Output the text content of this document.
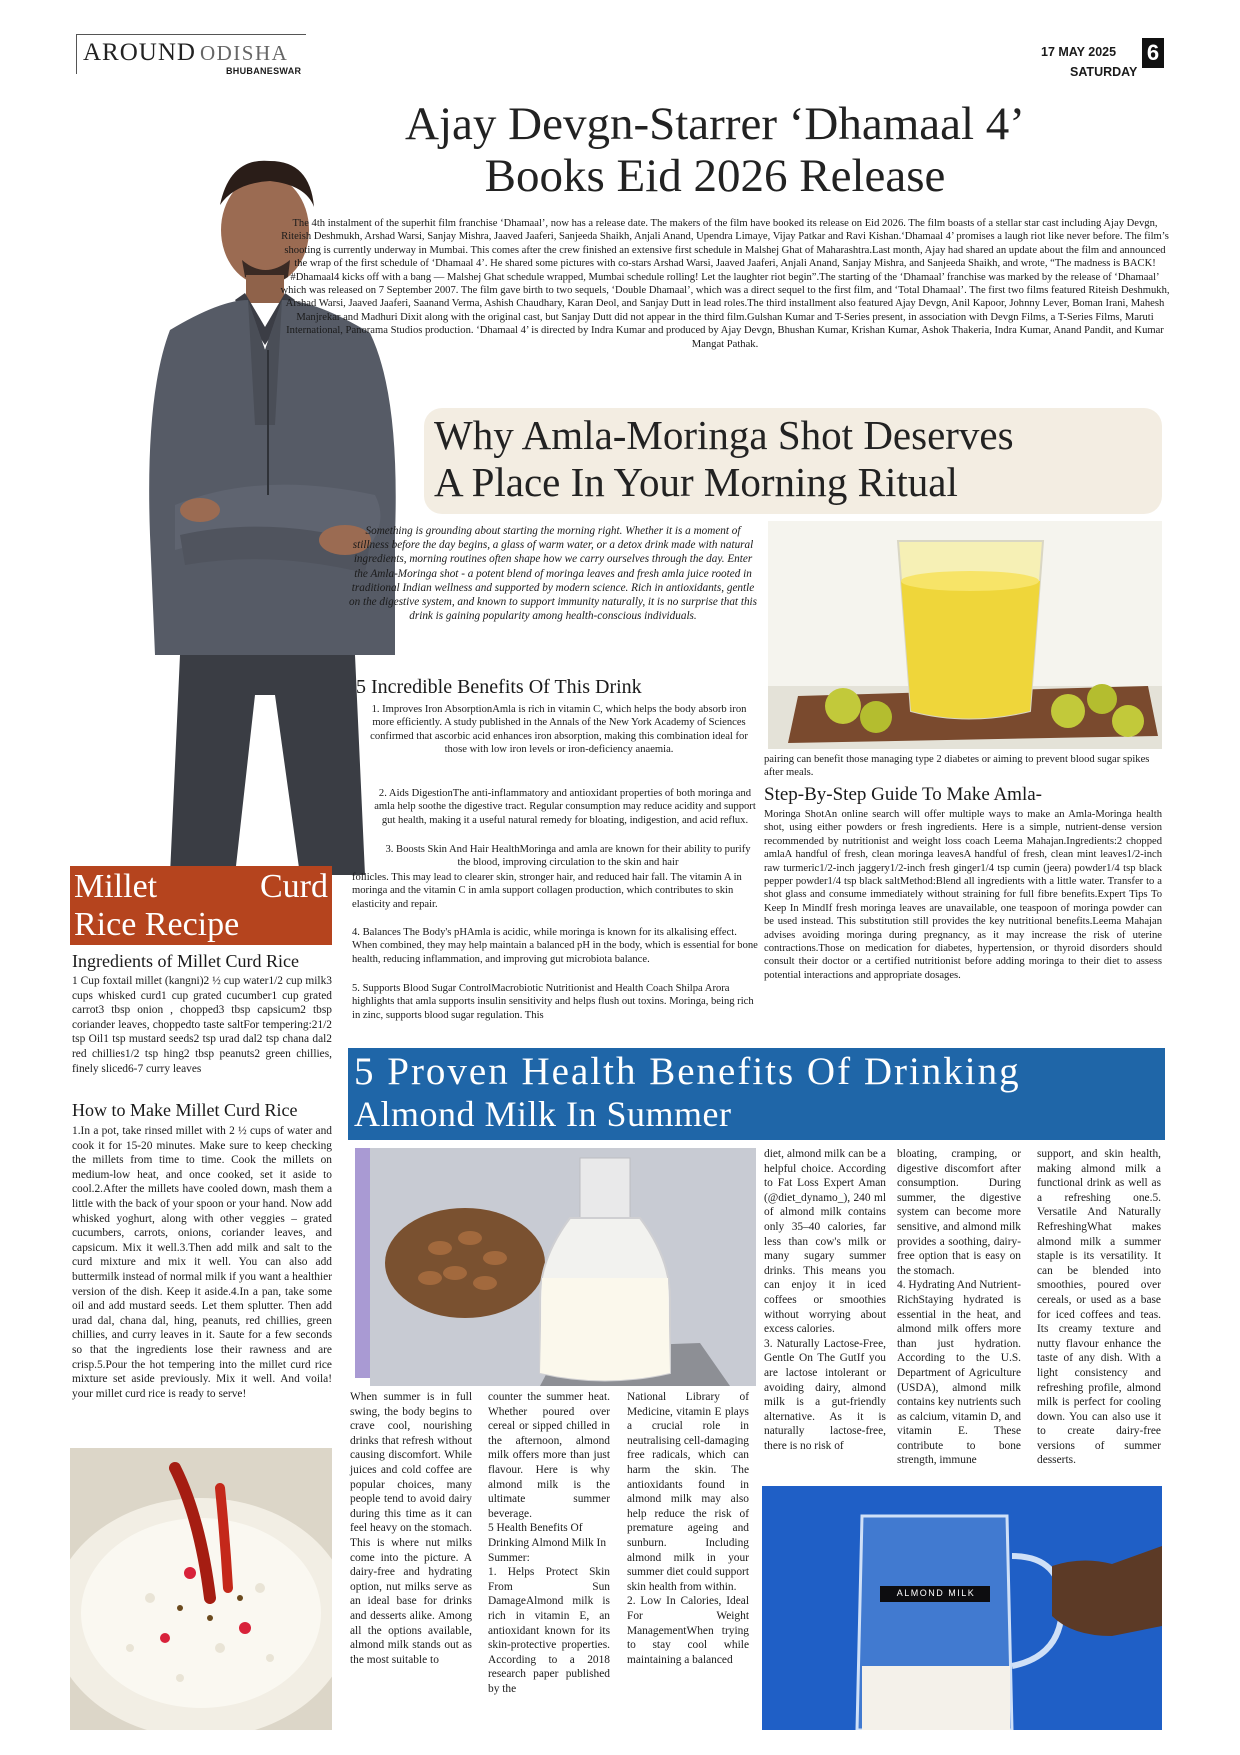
AROUND ODISHA
BHUBANESWAR
17 MAY 2025 6
SATURDAY
Ajay Devgn-Starrer ‘Dhamaal 4’
Books Eid 2026 Release
The 4th instalment of the superhit film franchise ‘Dhamaal’, now has a release date. The makers of the film have booked its release on Eid 2026. The film boasts of a stellar star cast including Ajay Devgn, Riteish Deshmukh, Arshad Warsi, Sanjay Mishra, Jaaved Jaaferi, Sanjeeda Shaikh, Anjali Anand, Upendra Limaye, Vijay Patkar and Ravi Kishan.‘Dhamaal 4’ promises a laugh riot like never before. The film’s shooting is currently underway in Mumbai. This comes after the crew finished an extensive first schedule in Malshej Ghat of Maharashtra.Last month, Ajay had shared an update about the film and announced the wrap of the first schedule of ‘Dhamaal 4’. He shared some pictures with co-stars Arshad Warsi, Jaaved Jaaferi, Anjali Anand, Sanjay Mishra, and Sanjeeda Shaikh, and wrote, “The madness is BACK! #Dhamaal4 kicks off with a bang — Malshej Ghat schedule wrapped, Mumbai schedule rolling! Let the laughter riot begin”.The starting of the ‘Dhamaal’ franchise was marked by the release of ‘Dhamaal’ which was released on 7 September 2007. The film gave birth to two sequels, ‘Double Dhamaal’, which was a direct sequel to the first film, and ‘Total Dhamaal’. The first two films featured Riteish Deshmukh, Arshad Warsi, Jaaved Jaaferi, Saanand Verma, Ashish Chaudhary, Karan Deol, and Sanjay Dutt in lead roles.The third installment also featured Ajay Devgn, Anil Kapoor, Johnny Lever, Boman Irani, Mahesh Manjrekar and Madhuri Dixit along with the original cast, but Sanjay Dutt did not appear in the third film.Gulshan Kumar and T-Series present, in association with Devgn Films, a T-Series Films, Maruti International, Panorama Studios production. ‘Dhamaal 4’ is directed by Indra Kumar and produced by Ajay Devgn, Bhushan Kumar, Krishan Kumar, Ashok Thakeria, Indra Kumar, Anand Pandit, and Kumar Mangat Pathak.
Why Amla-Moringa Shot Deserves
A Place In Your Morning Ritual
Something is grounding about starting the morning right. Whether it is a moment of stillness before the day begins, a glass of warm water, or a detox drink made with natural ingredients, morning routines often shape how we carry ourselves through the day. Enter the Amla-Moringa shot - a potent blend of moringa leaves and fresh amla juice rooted in traditional Indian wellness and supported by modern science. Rich in antioxidants, gentle on the digestive system, and known to support immunity naturally, it is no surprise that this drink is gaining popularity among health-conscious individuals.
5 Incredible Benefits Of This Drink
1. Improves Iron AbsorptionAmla is rich in vitamin C, which helps the body absorb iron more efficiently. A study published in the Annals of the New York Academy of Sciences confirmed that ascorbic acid enhances iron absorption, making this combination ideal for those with low iron levels or iron-deficiency anaemia.
2. Aids DigestionThe anti-inflammatory and antioxidant properties of both moringa and amla help soothe the digestive tract. Regular consumption may reduce acidity and support gut health, making it a useful natural remedy for bloating, indigestion, and acid reflux.
3. Boosts Skin And Hair HealthMoringa and amla are known for their ability to purify the blood, improving circulation to the skin and hair
follicles. This may lead to clearer skin, stronger hair, and reduced hair fall. The vitamin A in moringa and the vitamin C in amla support collagen production, which contributes to skin elasticity and repair.
4. Balances The Body's pHAmla is acidic, while moringa is known for its alkalising effect. When combined, they may help maintain a balanced pH in the body, which is essential for bone health, reducing inflammation, and improving gut microbiota balance.
5. Supports Blood Sugar ControlMacrobiotic Nutritionist and Health Coach Shilpa Arora highlights that amla supports insulin sensitivity and helps flush out toxins. Moringa, being rich in zinc, supports blood sugar regulation. This
pairing can benefit those managing type 2 diabetes or aiming to prevent blood sugar spikes after meals.
Step-By-Step Guide To Make Amla-
Moringa ShotAn online search will offer multiple ways to make an Amla-Moringa health shot, using either powders or fresh ingredients. Here is a simple, nutrient-dense version recommended by nutritionist and weight loss coach Leema Mahajan.Ingredients:2 chopped amlaA handful of fresh, clean moringa leavesA handful of fresh, clean mint leaves1/2-inch raw turmeric1/2-inch jaggery1/2-inch fresh ginger1/4 tsp cumin (jeera) powder1/4 tsp black pepper powder1/4 tsp black saltMethod:Blend all ingredients with a little water. Transfer to a shot glass and consume immediately without straining for full fibre benefits.Expert Tips To Keep In MindIf fresh moringa leaves are unavailable, one teaspoon of moringa powder can be used instead. This substitution still provides the key nutritional benefits.Leema Mahajan advises avoiding moringa during pregnancy, as it may increase the risk of uterine contractions.Those on medication for diabetes, hypertension, or thyroid disorders should consult their doctor or a certified nutritionist before adding moringa to their diet to assess potential interactions and appropriate dosages.
Millet	Curd
Rice Recipe
Ingredients of Millet Curd Rice
1 Cup foxtail millet (kangni)2 ½ cup water1/2 cup milk3 cups whisked curd1 cup grated cucumber1 cup grated carrot3 tbsp onion , chopped3 tbsp capsicum2 tbsp coriander leaves, choppedto taste saltFor tempering:21/2 tsp Oil1 tsp mustard seeds2 tsp urad dal2 tsp chana dal2 red chillies1/2 tsp hing2 tbsp peanuts2 green chillies, finely sliced6-7 curry leaves
How to Make Millet Curd Rice
1.In a pot, take rinsed millet with 2 ½ cups of water and cook it for 15-20 minutes. Make sure to keep checking the millets from time to time. Cook the millets on medium-low heat, and once cooked, set it aside to cool.2.After the millets have cooled down, mash them a little with the back of your spoon or your hand. Now add whisked yoghurt, along with other veggies – grated cucumbers, carrots, onions, coriander leaves, and capsicum. Mix it well.3.Then add milk and salt to the curd mixture and mix it well. You can also add buttermilk instead of normal milk if you want a healthier version of the dish. Keep it aside.4.In a pan, take some oil and add mustard seeds. Let them splutter. Then add urad dal, chana dal, hing, peanuts, red chillies, green chillies, and curry leaves in it. Saute for a few seconds so that the ingredients lose their rawness and are crisp.5.Pour the hot tempering into the millet curd rice mixture set aside previously. Mix it well. And voila! your millet curd rice is ready to serve!
5 Proven Health Benefits Of Drinking
Almond Milk In Summer
When summer is in full swing, the body begins to crave cool, nourishing drinks that refresh without causing discomfort. While juices and cold coffee are popular choices, many people tend to avoid dairy during this time as it can feel heavy on the stomach. This is where nut milks come into the picture. A dairy-free and hydrating option, nut milks serve as an ideal base for drinks and desserts alike. Among all the options available, almond milk stands out as the most suitable to
counter the summer heat. Whether poured over cereal or sipped chilled in the afternoon, almond milk offers more than just flavour. Here is why almond milk is the ultimate summer beverage.
5 Health Benefits Of Drinking Almond Milk In Summer:
1. Helps Protect Skin From Sun DamageAlmond milk is rich in vitamin E, an antioxidant known for its skin-protective properties. According to a 2018 research paper published by the
National Library of Medicine, vitamin E plays a crucial role in neutralising cell-damaging free radicals, which can harm the skin. The antioxidants found in almond milk may also help reduce the risk of premature ageing and sunburn. Including almond milk in your summer diet could support skin health from within.
2. Low In Calories, Ideal For Weight ManagementWhen trying to stay cool while maintaining a balanced
diet, almond milk can be a helpful choice. According to Fat Loss Expert Aman (@diet_dynamo_), 240 ml of almond milk contains only 35–40 calories, far less than cow's milk or many sugary summer drinks. This means you can enjoy it in iced coffees or smoothies without worrying about excess calories.
3. Naturally Lactose-Free, Gentle On The GutIf you are lactose intolerant or avoiding dairy, almond milk is a gut-friendly alternative. As it is naturally lactose-free, there is no risk of
bloating, cramping, or digestive discomfort after consumption. During summer, the digestive system can become more sensitive, and almond milk provides a soothing, dairy-free option that is easy on the stomach.
4. Hydrating And Nutrient-RichStaying hydrated is essential in the heat, and almond milk offers more than just hydration. According to the U.S. Department of Agriculture (USDA), almond milk contains key nutrients such as calcium, vitamin D, and vitamin E. These contribute to bone strength, immune
support, and skin health, making almond milk a functional drink as well as a refreshing one.5. Versatile And Naturally RefreshingWhat makes almond milk a summer staple is its versatility. It can be blended into smoothies, poured over cereals, or used as a base for iced coffees and teas. Its creamy texture and nutty flavour enhance the taste of any dish. With a light consistency and refreshing profile, almond milk is perfect for cooling down. You can also use it to create dairy-free versions of summer desserts.
ALMOND MILK
